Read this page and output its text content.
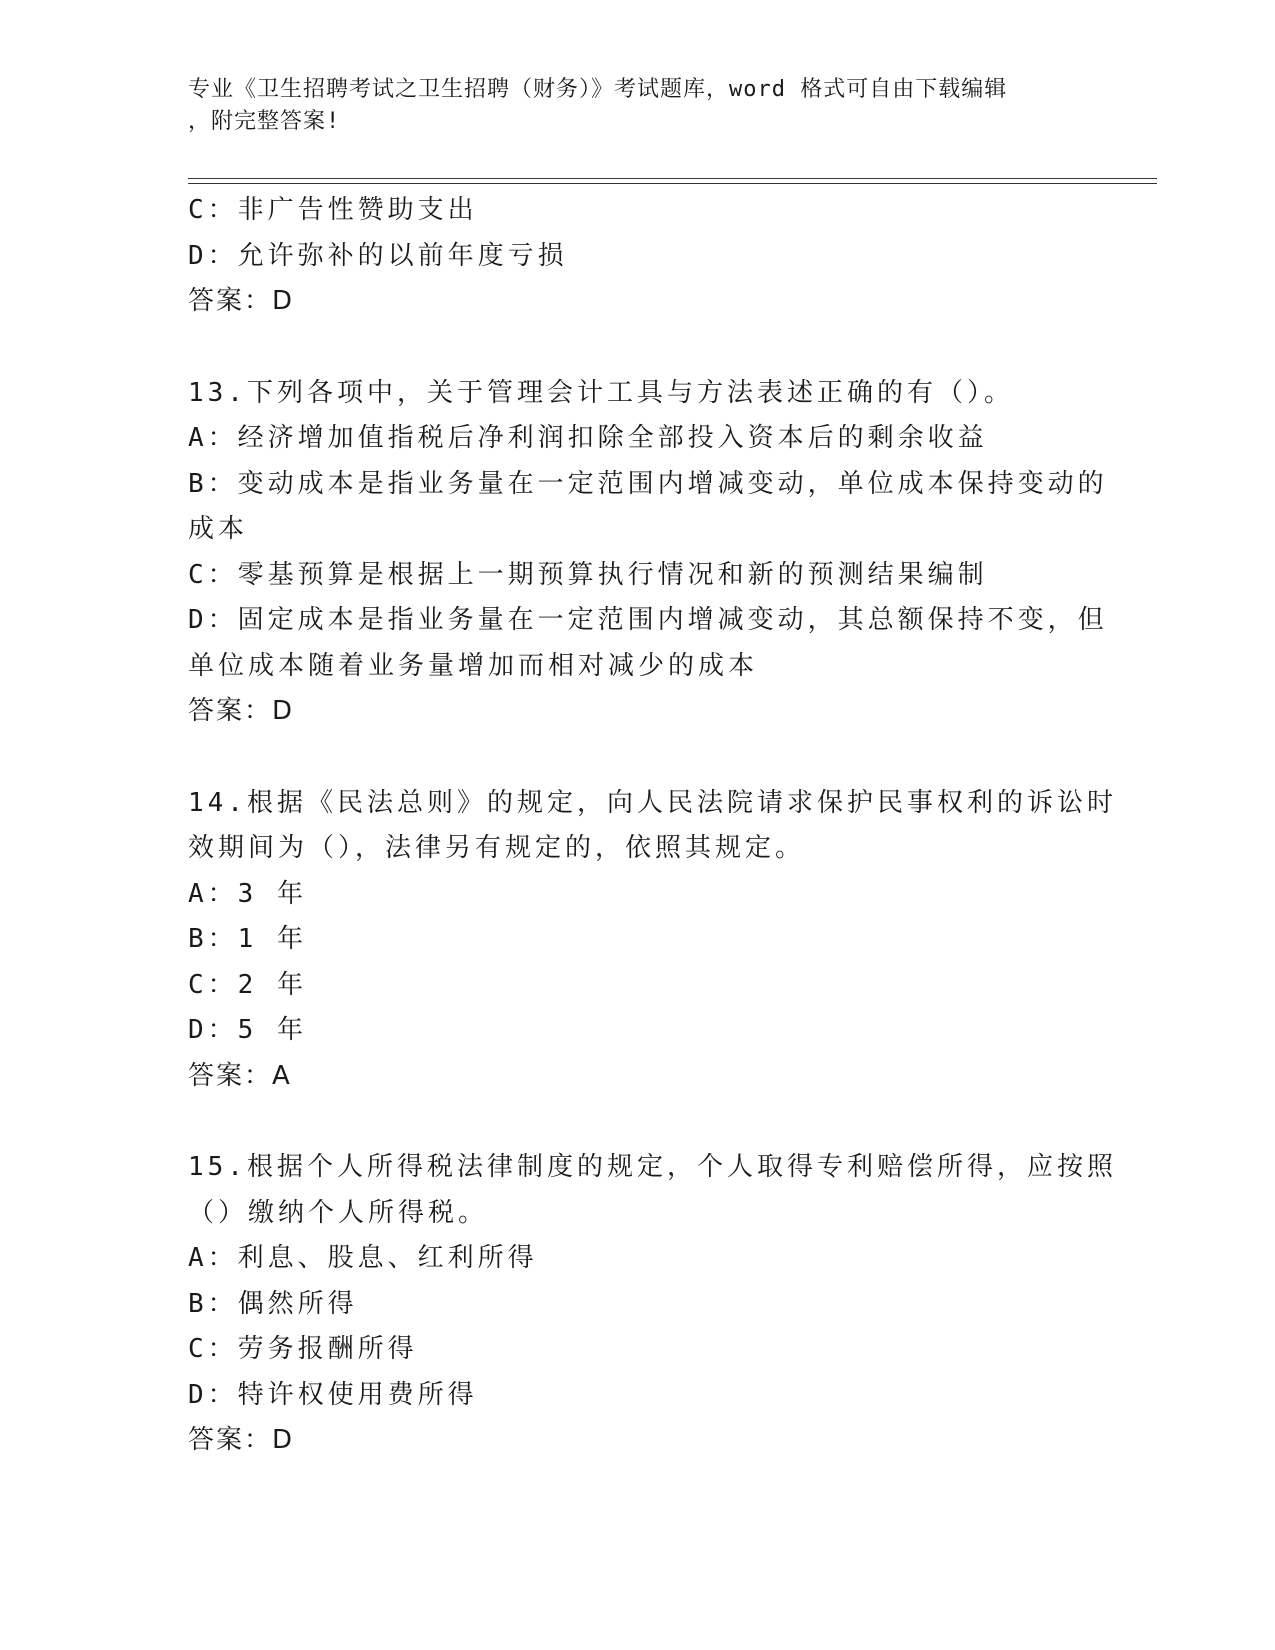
专业《卫生招聘考试之卫生招聘（财务）》考试题库，word 格式可自由下载编辑
，附完整答案!
C：非广告性赞助支出
D：允许弥补的以前年度亏损
答案：D
13.下列各项中，关于管理会计工具与方法表述正确的有（）。
A：经济增加值指税后净利润扣除全部投入资本后的剩余收益
B：变动成本是指业务量在一定范围内增减变动，单位成本保持变动的
成本
C：零基预算是根据上一期预算执行情况和新的预测结果编制
D：固定成本是指业务量在一定范围内增减变动，其总额保持不变，但
单位成本随着业务量增加而相对减少的成本
答案：D
14.根据《民法总则》的规定，向人民法院请求保护民事权利的诉讼时
效期间为（），法律另有规定的，依照其规定。
A：3 年
B：1 年
C：2 年
D：5 年
答案：A
15.根据个人所得税法律制度的规定，个人取得专利赔偿所得，应按照
（）缴纳个人所得税。
A：利息、股息、红利所得
B：偶然所得
C：劳务报酬所得
D：特许权使用费所得
答案：D
